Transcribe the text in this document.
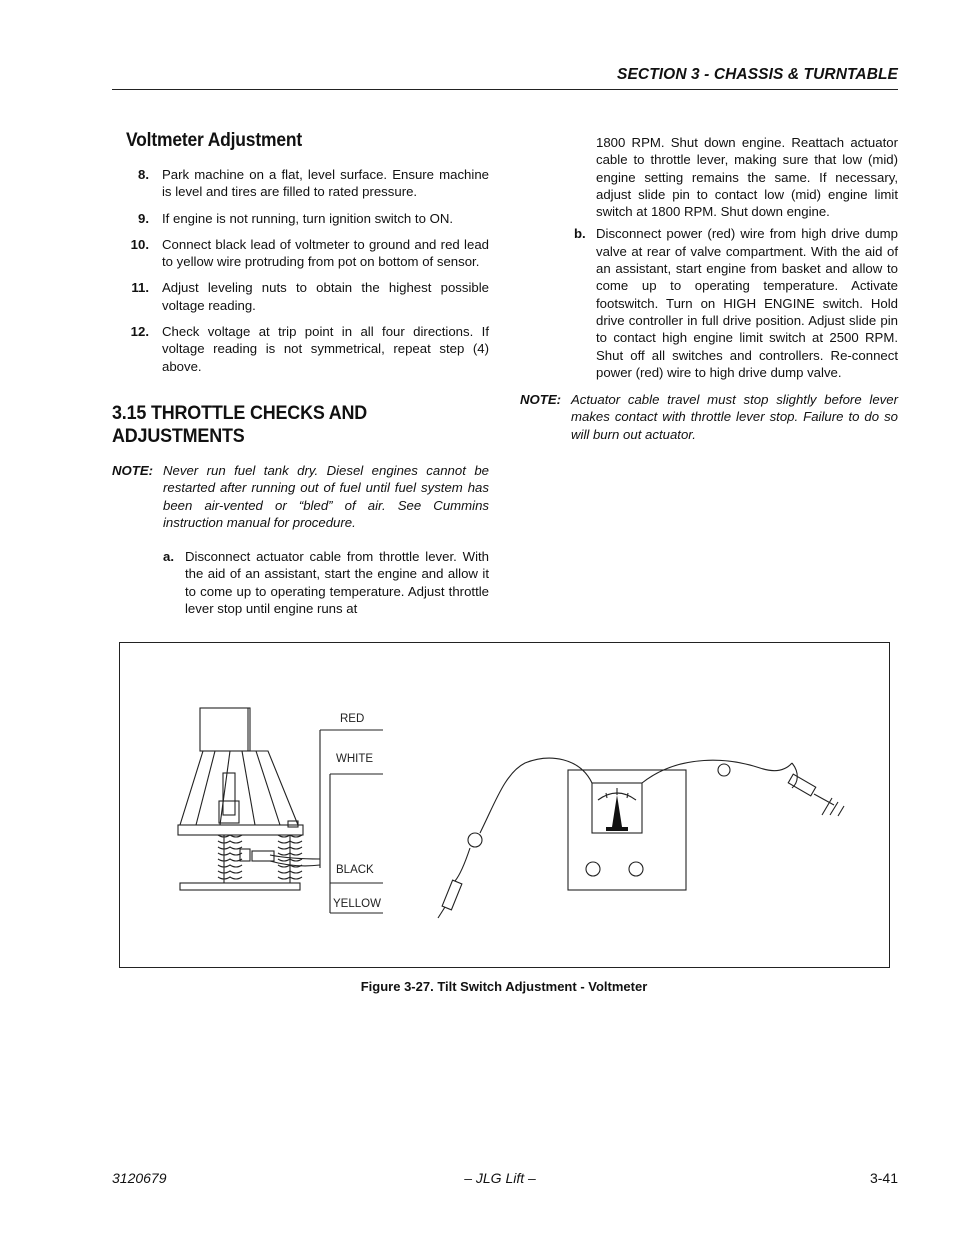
SECTION 3 - CHASSIS & TURNTABLE
Voltmeter Adjustment
8. Park machine on a flat, level surface. Ensure machine is level and tires are filled to rated pressure.
9. If engine is not running, turn ignition switch to ON.
10. Connect black lead of voltmeter to ground and red lead to yellow wire protruding from pot on bottom of sensor.
11. Adjust leveling nuts to obtain the highest possible voltage reading.
12. Check voltage at trip point in all four directions. If voltage reading is not symmetrical, repeat step (4) above.
3.15 THROTTLE CHECKS AND ADJUSTMENTS
NOTE: Never run fuel tank dry. Diesel engines cannot be restarted after running out of fuel until fuel system has been air-vented or “bled” of air. See Cummins instruction manual for procedure.
a. Disconnect actuator cable from throttle lever. With the aid of an assistant, start the engine and allow it to come up to operating temperature. Adjust throttle lever stop until engine runs at
1800 RPM. Shut down engine. Reattach actuator cable to throttle lever, making sure that low (mid) engine setting remains the same. If necessary, adjust slide pin to contact low (mid) engine limit switch at 1800 RPM. Shut down engine.
b. Disconnect power (red) wire from high drive dump valve at rear of valve compartment. With the aid of an assistant, start engine from basket and allow to come up to operating temperature. Activate footswitch. Turn on HIGH ENGINE switch. Hold drive controller in full drive position. Adjust slide pin to contact high engine limit switch at 2500 RPM. Shut off all switches and controllers. Re-connect power (red) wire to high drive dump valve.
NOTE: Actuator cable travel must stop slightly before lever makes contact with throttle lever stop. Failure to do so will burn out actuator.
RED
WHITE
BLACK
YELLOW
Figure 3-27. Tilt Switch Adjustment - Voltmeter
3120679	– JLG Lift –	3-41
